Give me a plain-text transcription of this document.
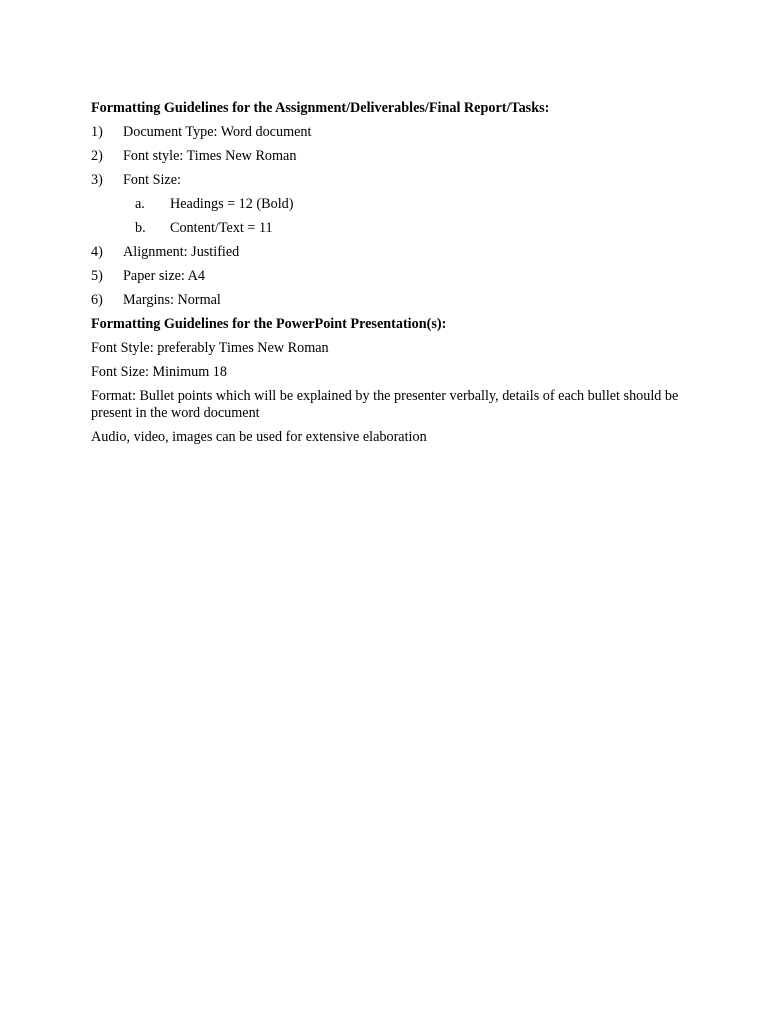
Formatting Guidelines for the Assignment/Deliverables/Final Report/Tasks:
1)	Document Type: Word document
2)	Font style: Times New Roman
3)	Font Size:
a.	Headings = 12 (Bold)
b.	Content/Text = 11
4)	Alignment: Justified
5)	Paper size: A4
6)	Margins: Normal
Formatting Guidelines for the PowerPoint Presentation(s):
Font Style: preferably Times New Roman
Font Size: Minimum 18
Format: Bullet points which will be explained by the presenter verbally, details of each bullet should be present in the word document
Audio, video, images can be used for extensive elaboration
